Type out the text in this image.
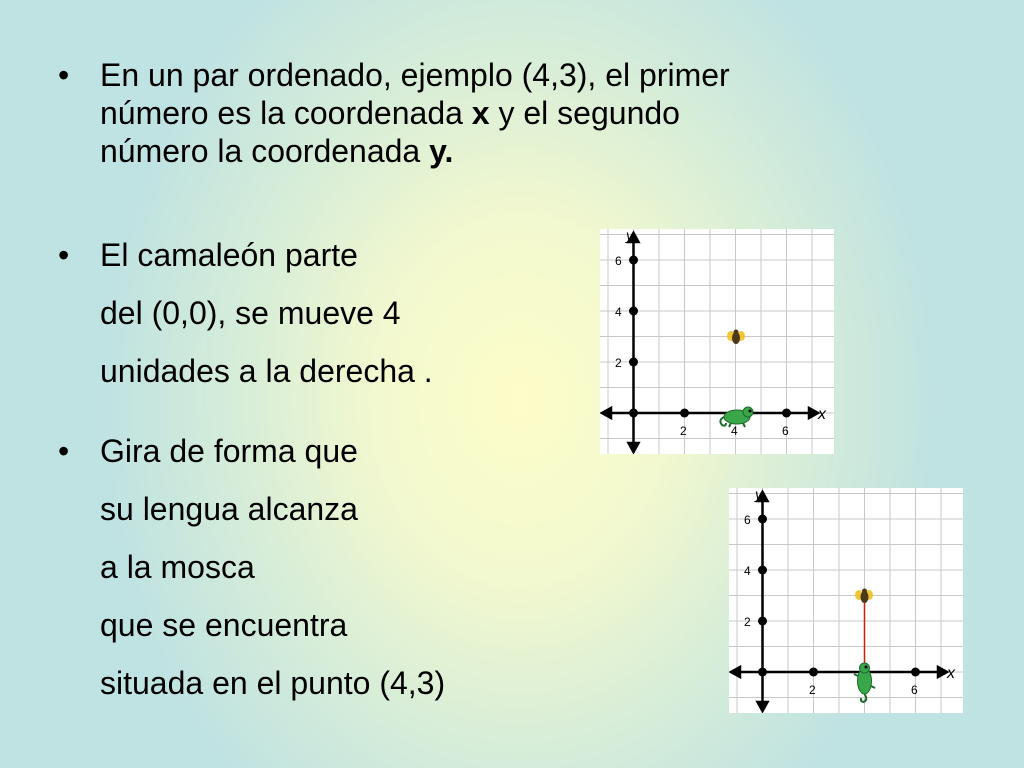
• En un par ordenado, ejemplo (4,3), el primer
número es la coordenada x y el segundo
número la coordenada y.
• El camaleón parte
del (0,0), se mueve 4
unidades a la derecha .
• Gira de forma que
su lengua alcanza
a la mosca
que se encuentra
situada en el punto (4,3)
2	4	6
2
4
6
x
y
2	6
2
4
6
x
y
